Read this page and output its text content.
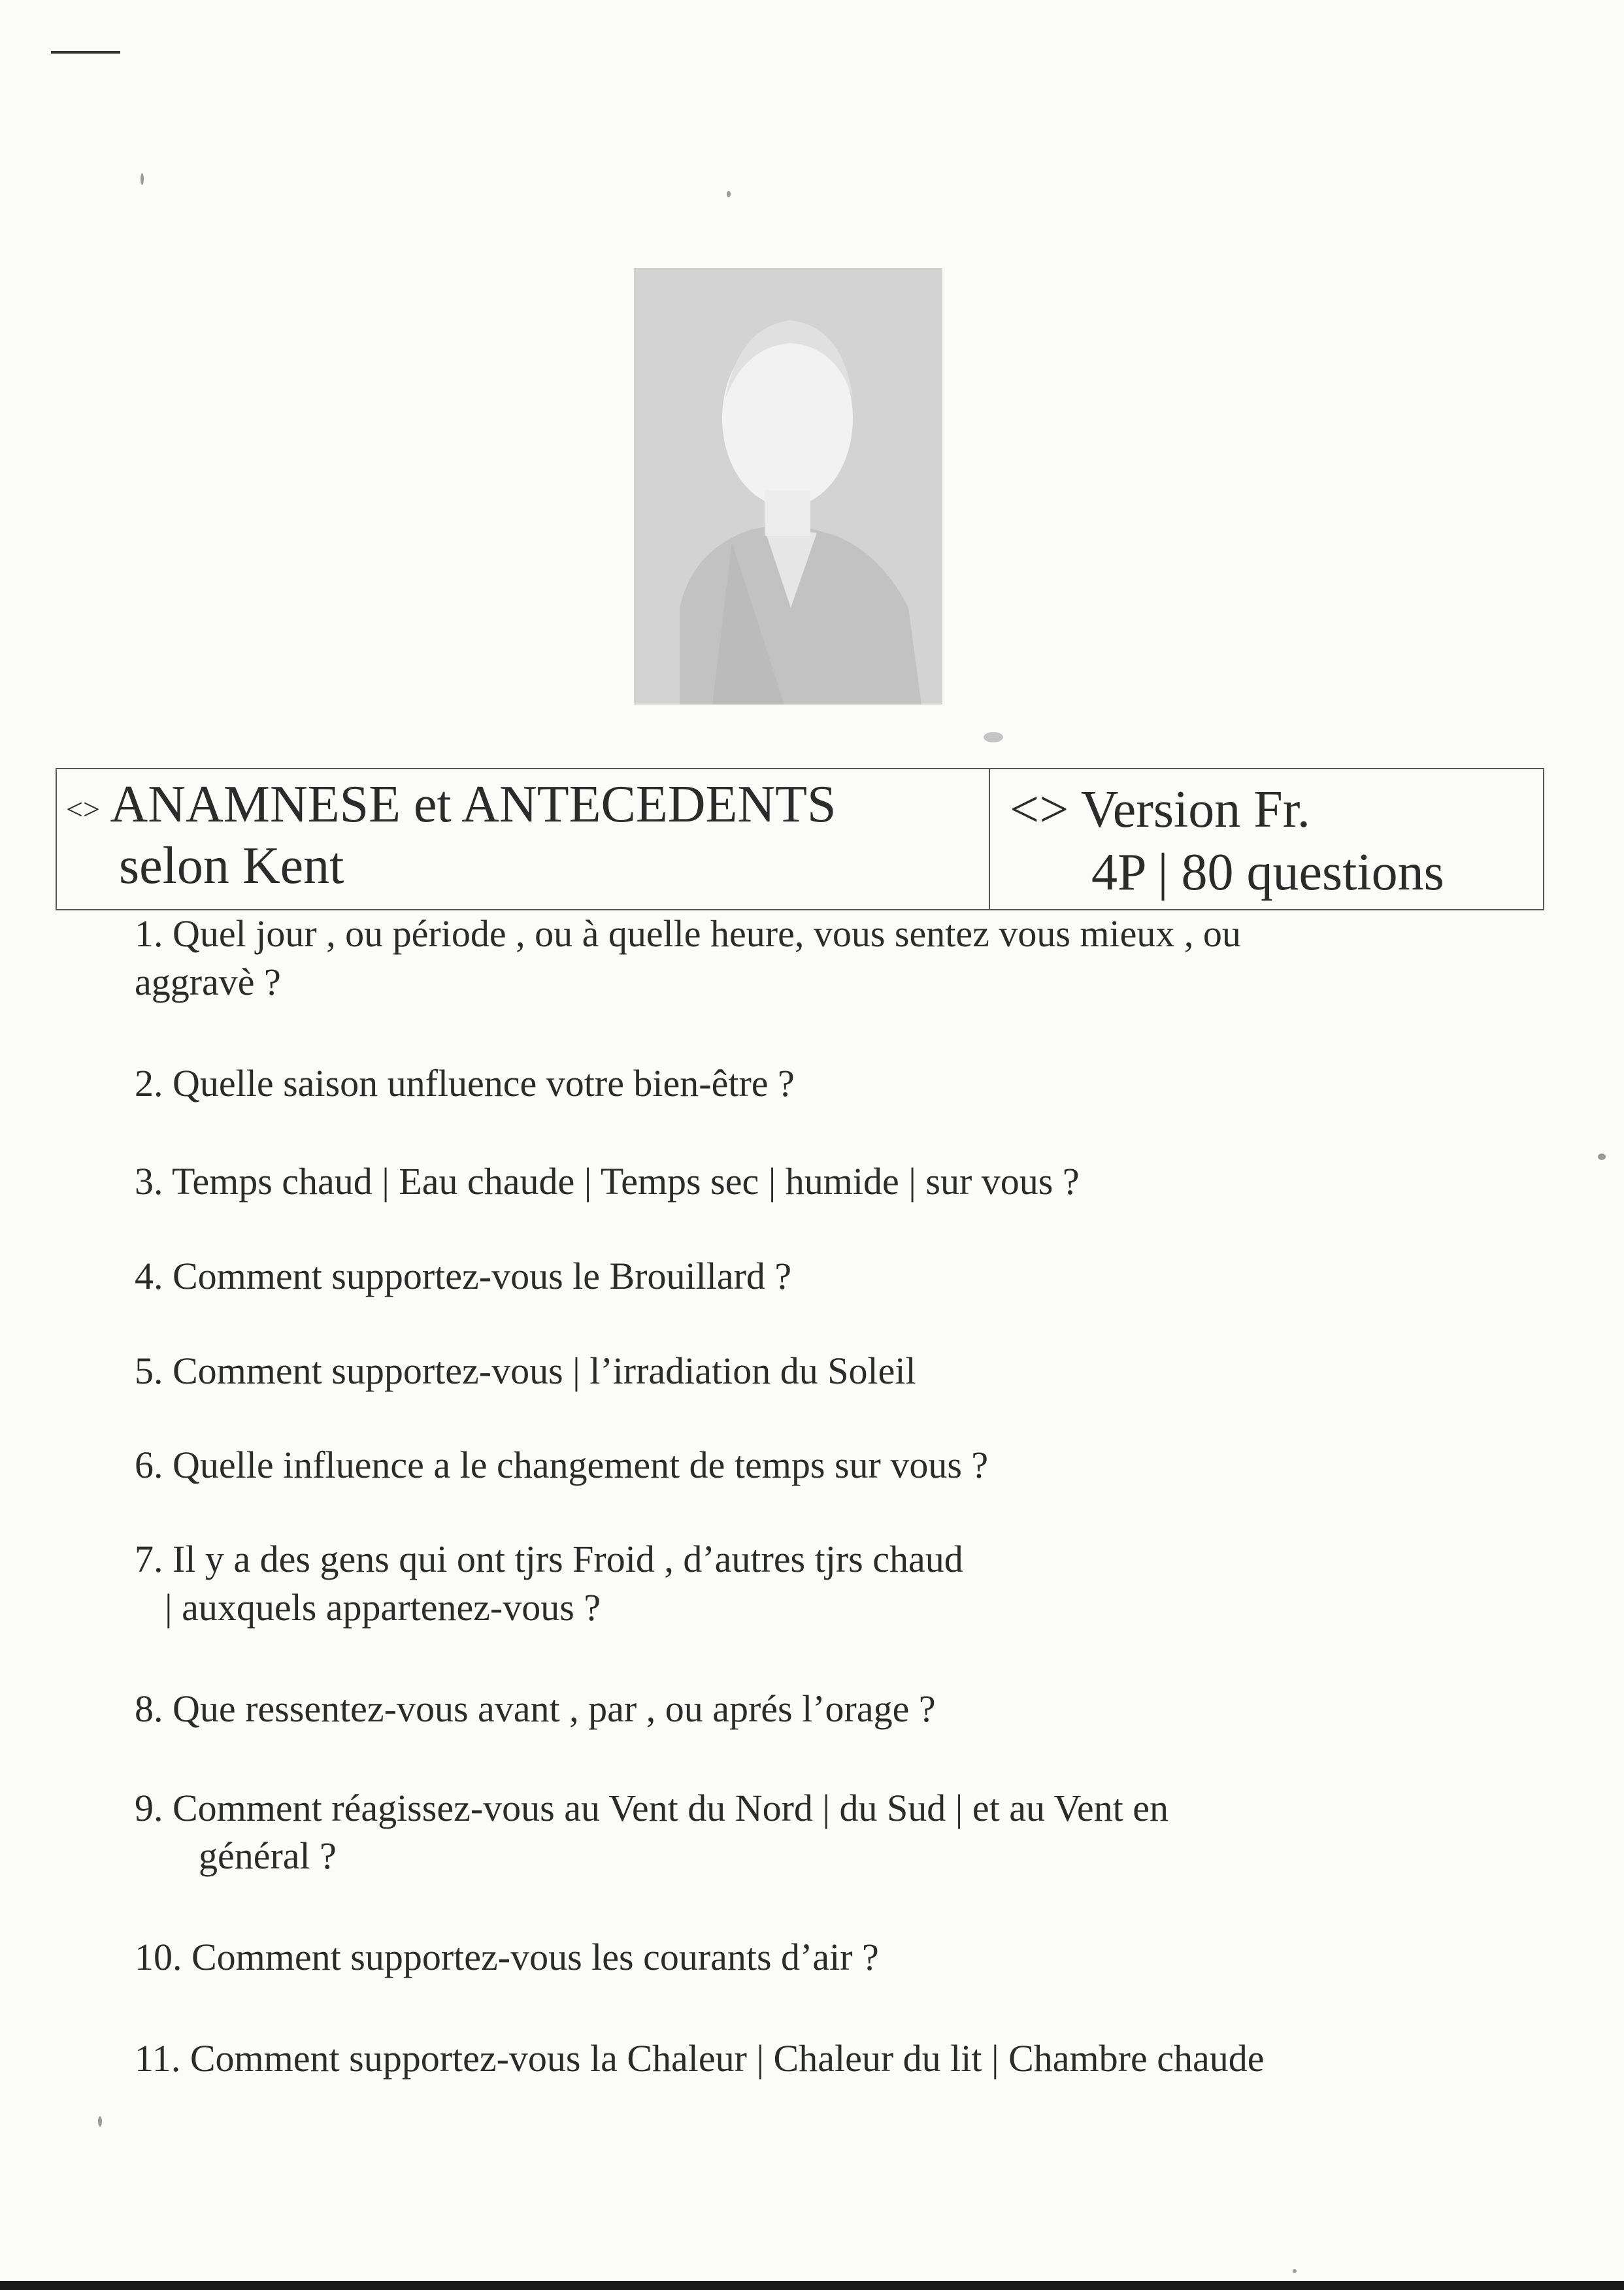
<> ANAMNESE et ANTECEDENTS
selon Kent
<> Version Fr.
4P | 80 questions
1. Quel jour , ou période , ou à quelle heure, vous sentez vous mieux , ou
aggravè ?
2. Quelle saison unfluence votre bien-être ?
3. Temps chaud | Eau chaude | Temps sec | humide | sur vous ?
4. Comment supportez-vous le Brouillard ?
5. Comment supportez-vous | l’irradiation du Soleil
6. Quelle influence a le changement de temps sur vous ?
7. Il y a des gens qui ont tjrs Froid , d’autres tjrs chaud
| auxquels appartenez-vous ?
8. Que ressentez-vous avant , par , ou aprés l’orage ?
9. Comment réagissez-vous au Vent du Nord | du Sud | et au Vent en
général ?
10. Comment supportez-vous les courants d’air ?
11. Comment supportez-vous la Chaleur | Chaleur du lit | Chambre chaude
